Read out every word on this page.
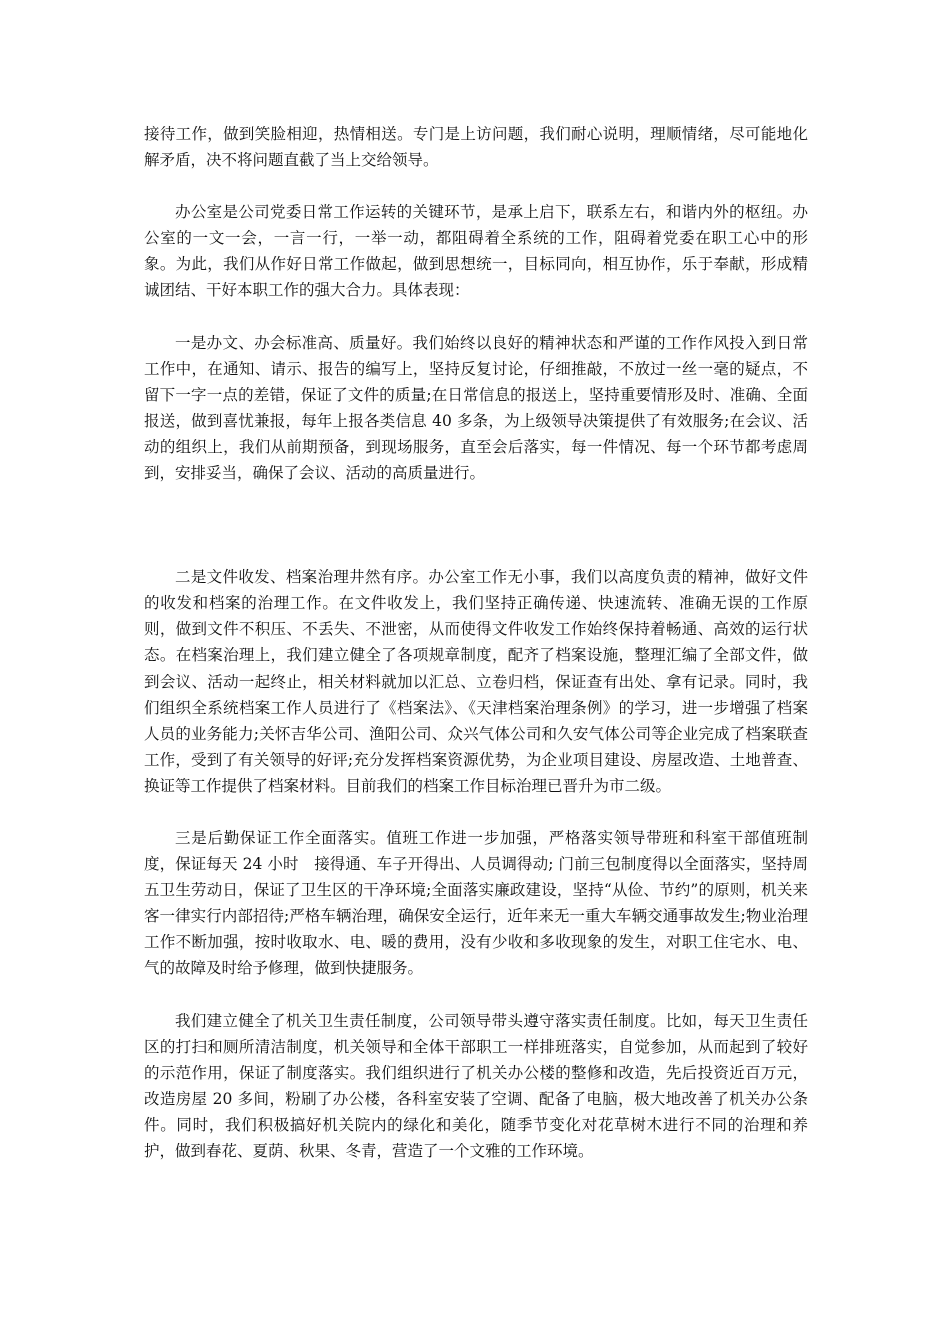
接待工作，做到笑脸相迎，热情相送。专门是上访问题，我们耐心说明，理顺情绪，尽可能地化解矛盾，决不将问题直截了当上交给领导。

办公室是公司党委日常工作运转的关键环节，是承上启下，联系左右，和谐内外的枢纽。办公室的一文一会，一言一行，一举一动，都阻碍着全系统的工作，阻碍着党委在职工心中的形象。为此，我们从作好日常工作做起，做到思想统一，目标同向，相互协作，乐于奉献，形成精诚团结、干好本职工作的强大合力。具体表现：

一是办文、办会标准高、质量好。我们始终以良好的精神状态和严谨的工作作风投入到日常工作中，在通知、请示、报告的编写上，坚持反复讨论，仔细推敲，不放过一丝一毫的疑点，不留下一字一点的差错，保证了文件的质量;在日常信息的报送上，坚持重要情形及时、准确、全面报送，做到喜忧兼报，每年上报各类信息 40 多条，为上级领导决策提供了有效服务;在会议、活动的组织上，我们从前期预备，到现场服务，直至会后落实，每一件情况、每一个环节都考虑周到，安排妥当，确保了会议、活动的高质量进行。

二是文件收发、档案治理井然有序。办公室工作无小事，我们以高度负责的精神，做好文件的收发和档案的治理工作。在文件收发上，我们坚持正确传递、快速流转、准确无误的工作原则，做到文件不积压、不丢失、不泄密，从而使得文件收发工作始终保持着畅通、高效的运行状态。在档案治理上，我们建立健全了各项规章制度，配齐了档案设施，整理汇编了全部文件，做到会议、活动一起终止，相关材料就加以汇总、立卷归档，保证查有出处、拿有记录。同时，我们组织全系统档案工作人员进行了《档案法》、《天津档案治理条例》的学习，进一步增强了档案人员的业务能力;关怀吉华公司、渔阳公司、众兴气体公司和久安气体公司等企业完成了档案联查工作，受到了有关领导的好评;充分发挥档案资源优势，为企业项目建设、房屋改造、土地普查、换证等工作提供了档案材料。目前我们的档案工作目标治理已晋升为市二级。

三是后勤保证工作全面落实。值班工作进一步加强，严格落实领导带班和科室干部值班制度，保证每天 24 小时　接得通、车子开得出、人员调得动; 门前三包制度得以全面落实，坚持周五卫生劳动日，保证了卫生区的干净环境;全面落实廉政建设，坚持“从俭、节约”的原则，机关来客一律实行内部招待;严格车辆治理，确保安全运行，近年来无一重大车辆交通事故发生;物业治理工作不断加强，按时收取水、电、暖的费用，没有少收和多收现象的发生，对职工住宅水、电、气的故障及时给予修理，做到快捷服务。

我们建立健全了机关卫生责任制度，公司领导带头遵守落实责任制度。比如，每天卫生责任区的打扫和厕所清洁制度，机关领导和全体干部职工一样排班落实，自觉参加，从而起到了较好的示范作用，保证了制度落实。我们组织进行了机关办公楼的整修和改造，先后投资近百万元，改造房屋 20 多间，粉刷了办公楼，各科室安装了空调、配备了电脑，极大地改善了机关办公条件。同时，我们积极搞好机关院内的绿化和美化，随季节变化对花草树木进行不同的治理和养护，做到春花、夏荫、秋果、冬青，营造了一个文雅的工作环境。
